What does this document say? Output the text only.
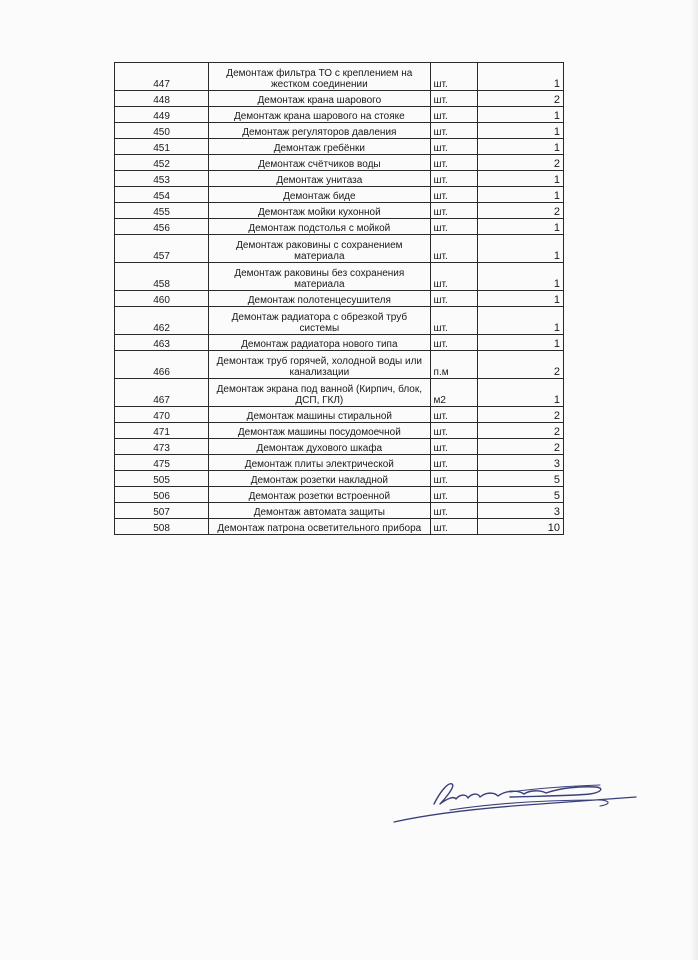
447	Демонтаж фильтра ТО с креплением на жестком соединении	шт.	1
448	Демонтаж крана шарового	шт.	2
449	Демонтаж крана шарового на стояке	шт.	1
450	Демонтаж регуляторов давления	шт.	1
451	Демонтаж гребёнки	шт.	1
452	Демонтаж счётчиков воды	шт.	2
453	Демонтаж унитаза	шт.	1
454	Демонтаж биде	шт.	1
455	Демонтаж мойки кухонной	шт.	2
456	Демонтаж подстолья с мойкой	шт.	1
457	Демонтаж раковины с сохранением материала	шт.	1
458	Демонтаж раковины без сохранения материала	шт.	1
460	Демонтаж полотенцесушителя	шт.	1
462	Демонтаж радиатора с обрезкой труб системы	шт.	1
463	Демонтаж радиатора нового типа	шт.	1
466	Демонтаж труб горячей, холодной воды или канализации	п.м	2
467	Демонтаж экрана под ванной (Кирпич, блок, ДСП, ГКЛ)	м2	1
470	Демонтаж машины стиральной	шт.	2
471	Демонтаж машины посудомоечной	шт.	2
473	Демонтаж духового шкафа	шт.	2
475	Демонтаж плиты электрической	шт.	3
505	Демонтаж розетки накладной	шт.	5
506	Демонтаж розетки встроенной	шт.	5
507	Демонтаж автомата защиты	шт.	3
508	Демонтаж патрона осветительного прибора	шт.	10
